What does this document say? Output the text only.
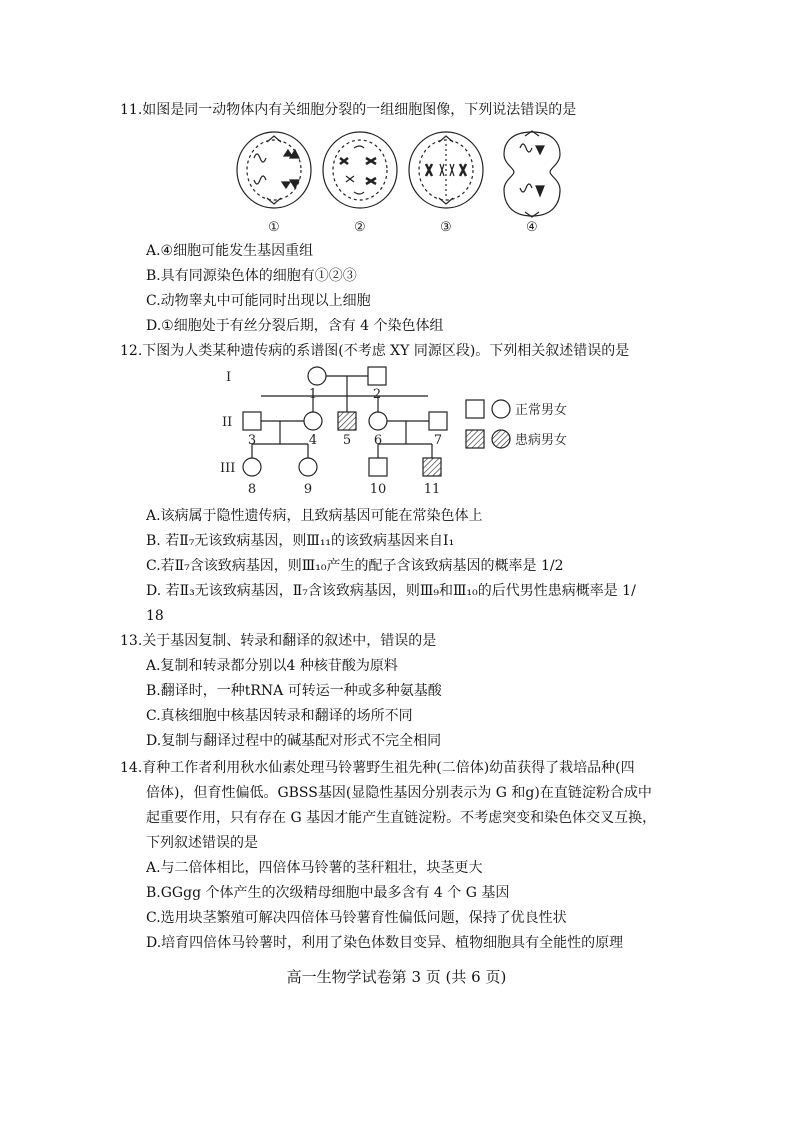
11.如图是同一动物体内有关细胞分裂的一组细胞图像，下列说法错误的是
①	②	③	④
A.④细胞可能发生基因重组
B.具有同源染色体的细胞有①②③
C.动物睾丸中可能同时出现以上细胞
D.①细胞处于有丝分裂后期，含有 4 个染色体组
12.下图为人类某种遗传病的系谱图(不考虑 XY 同源区段)。下列相关叙述错误的是
I
II
III
1	2
3	4 5 6	7
8	9	10	11
正常男女
患病男女
A.该病属于隐性遗传病，且致病基因可能在常染色体上
B. 若Ⅱ₇无该致病基因，则Ⅲ₁₁的该致病基因来自Ⅰ₁
C.若Ⅱ₇含该致病基因，则Ⅲ₁₀产生的配子含该致病基因的概率是 1/2
D. 若Ⅱ₃无该致病基因，Ⅱ₇含该致病基因，则Ⅲ₉和Ⅲ₁₀的后代男性患病概率是 1/
18
13.关于基因复制、转录和翻译的叙述中，错误的是
A.复制和转录都分别以4 种核苷酸为原料
B.翻译时，一种tRNA 可转运一种或多种氨基酸
C.真核细胞中核基因转录和翻译的场所不同
D.复制与翻译过程中的碱基配对形式不完全相同
14.育种工作者利用秋水仙素处理马铃薯野生祖先种(二倍体)幼苗获得了栽培品种(四
倍体)，但育性偏低。GBSS基因(显隐性基因分别表示为 G 和g)在直链淀粉合成中
起重要作用，只有存在 G 基因才能产生直链淀粉。不考虑突变和染色体交叉互换，
下列叙述错误的是
A.与二倍体相比，四倍体马铃薯的茎秆粗壮，块茎更大
B.GGgg 个体产生的次级精母细胞中最多含有 4 个 G 基因
C.选用块茎繁殖可解决四倍体马铃薯育性偏低问题，保持了优良性状
D.培育四倍体马铃薯时，利用了染色体数目变异、植物细胞具有全能性的原理
高一生物学试卷第 3 页 (共 6 页)
